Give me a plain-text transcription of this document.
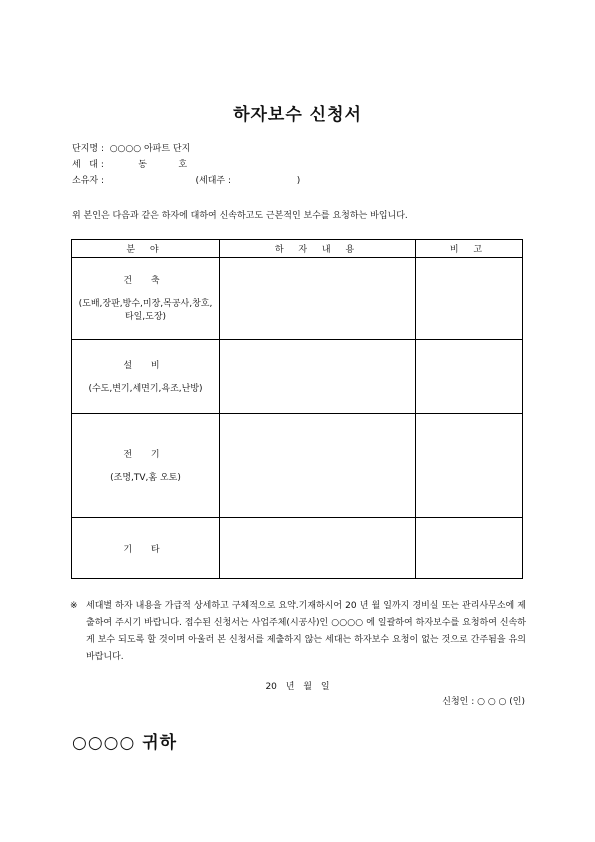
하자보수 신청서
단지명 :  ○○○○ 아파트 단지
세   대 :            동           호
소유자 :                                (세대주 :                       )
위 본인은 다음과 같은 하자에 대하여 신속하고도 근본적인 보수를 요청하는 바입니다.
분 야	하 자 내 용	비 고

건 축
(도배,장판,방수,미장,목공사,창호,타일,도장)		

설 비
(수도,변기,세면기,욕조,난방)		

전 기
(조명,TV,홈 오토)		

기 타		

※ 세대별 하자 내용을 가급적 상세하고 구체적으로 요약.기재하시어 20 년 월 일까지 경비실 또는 관리사무소에 제출하여 주시기 바랍니다. 접수된 신청서는 사업주체(시공사)인 ○○○○ 에 일괄하여 하자보수를 요청하여 신속하게 보수 되도록 할 것이며 아울러 본 신청서를 제출하지 않는 세대는 하자보수 요청이 없는 것으로 간주됨을 유의 바랍니다.
20 년 월 일
신청인 : ○ ○ ○ (인)
○○○○ 귀하
